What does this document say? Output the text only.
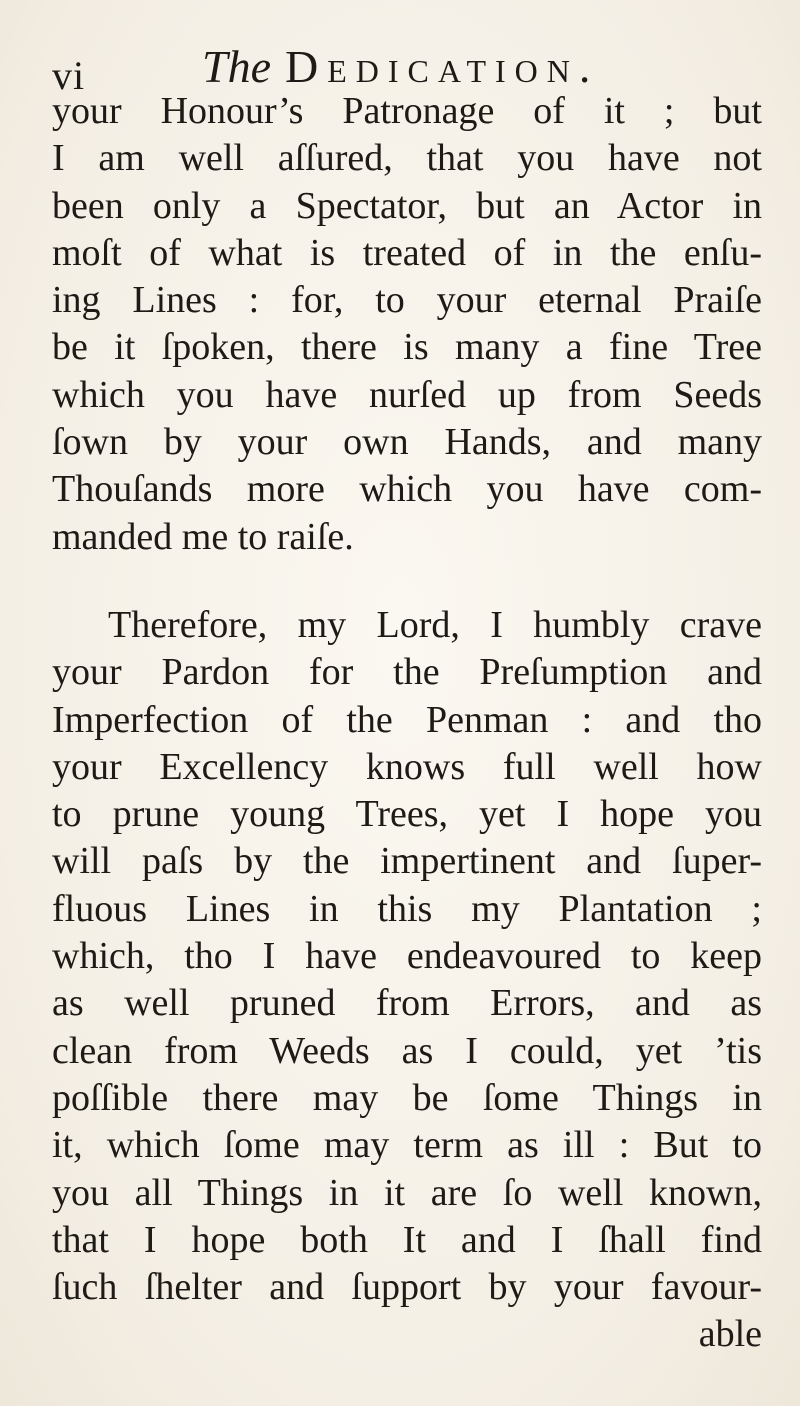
vi	The Dedication.
your Honour’s Patronage of it ; but
I am well aſſured, that you have not
been only a Spectator, but an Actor in
moſt of what is treated of in the enſu-
ing Lines : for, to your eternal Praiſe
be it ſpoken, there is many a fine Tree
which you have nurſed up from Seeds
ſown by your own Hands, and many
Thouſands more which you have com-
manded me to raiſe.
Therefore, my Lord, I humbly crave
your Pardon for the Preſumption and
Imperfection of the Penman : and tho
your Excellency knows full well how
to prune young Trees, yet I hope you
will paſs by the impertinent and ſuper-
fluous Lines in this my Plantation ;
which, tho I have endeavoured to keep
as well pruned from Errors, and as
clean from Weeds as I could, yet ’tis
poſſible there may be ſome Things in
it, which ſome may term as ill : But to
you all Things in it are ſo well known,
that I hope both It and I ſhall find
ſuch ſhelter and ſupport by your favour-
able
